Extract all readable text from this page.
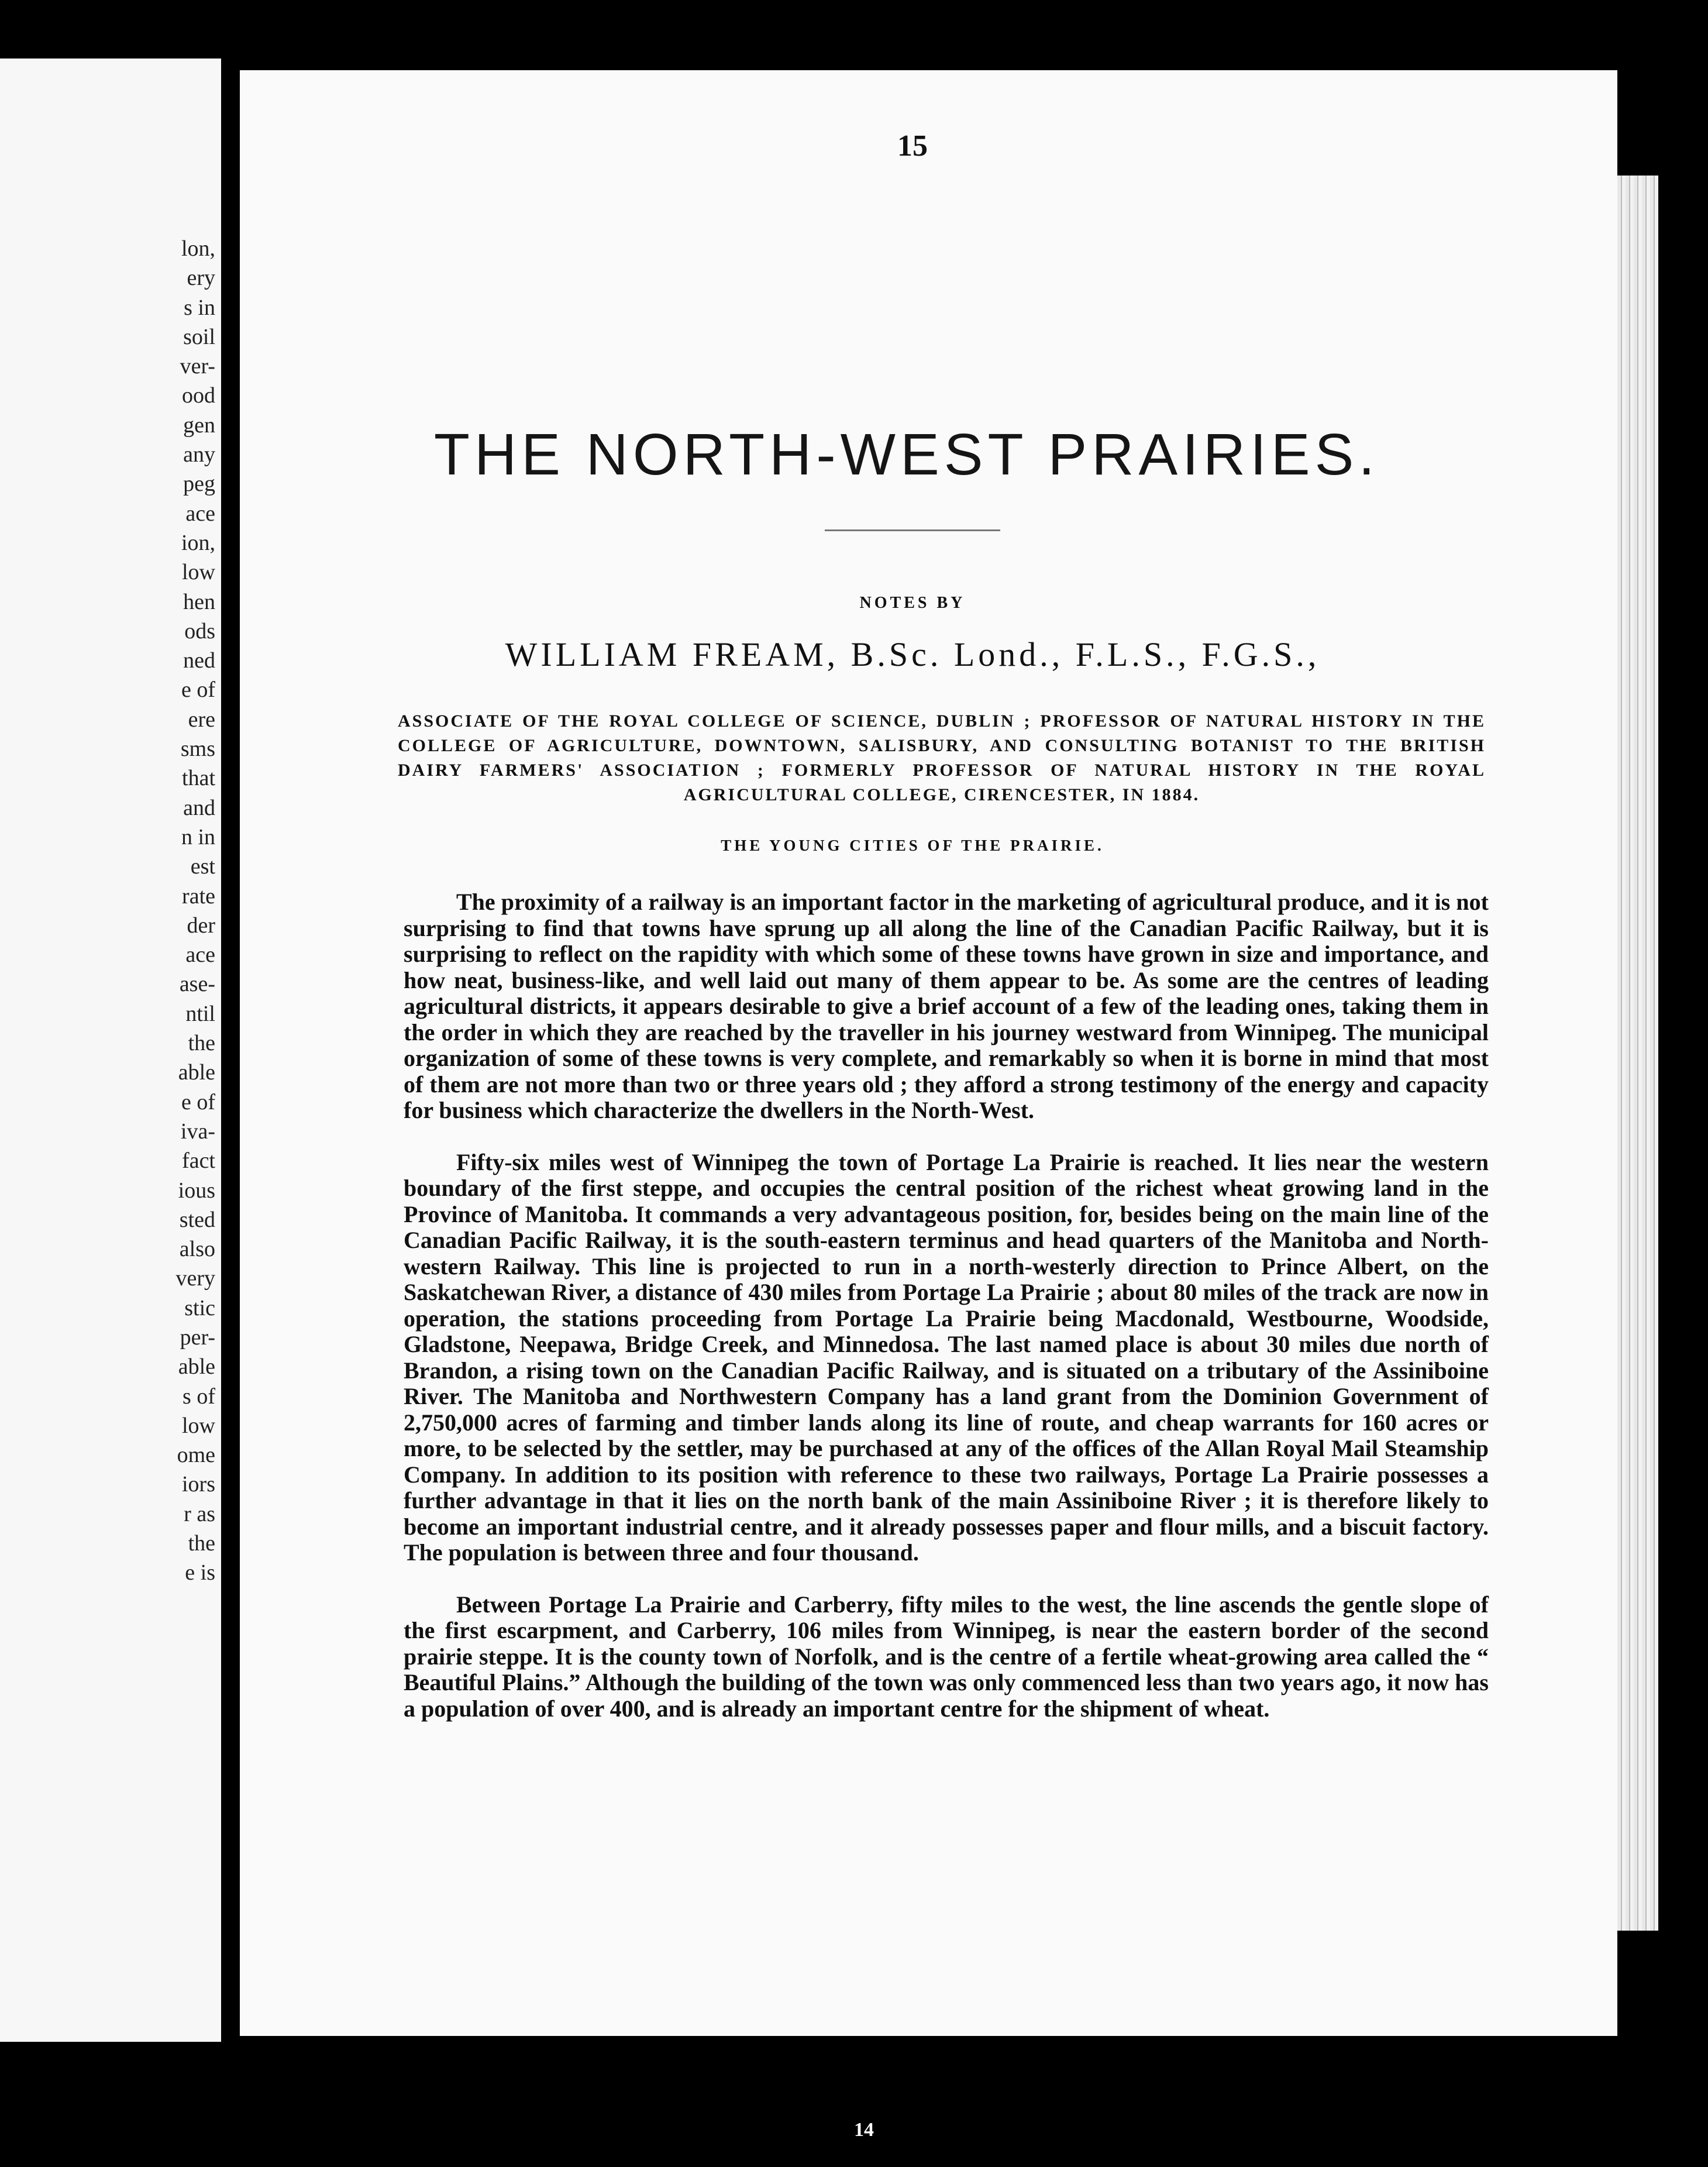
lon,
ery
s in
soil
ver-
ood
gen
any
peg
ace
ion,
low
hen
ods
ned
e of
ere
sms
that
and
n in
est
rate
der
ace
ase-
ntil
the
able
e of
iva-
fact
ious
sted
also
very
stic
per-
able
s of
low
ome
iors
r as
the
e is
15
THE NORTH-WEST PRAIRIES.
NOTES BY
WILLIAM FREAM, B.Sc. Lond., F.L.S., F.G.S.,
ASSOCIATE OF THE ROYAL COLLEGE OF SCIENCE, DUBLIN ; PROFESSOR OF NATURAL HISTORY IN THE COLLEGE OF AGRICULTURE, DOWNTOWN, SALISBURY, AND CONSULTING BOTANIST TO THE BRITISH DAIRY FARMERS' ASSOCIATION ; FORMERLY PROFESSOR OF NATURAL HISTORY IN THE ROYAL AGRICULTURAL COLLEGE, CIRENCESTER, IN 1884.
THE YOUNG CITIES OF THE PRAIRIE.

The proximity of a railway is an important factor in the marketing of agricultural produce, and it is not surprising to find that towns have sprung up all along the line of the Canadian Pacific Railway, but it is surprising to reflect on the rapidity with which some of these towns have grown in size and importance, and how neat, business-like, and well laid out many of them appear to be. As some are the centres of leading agricultural districts, it appears desirable to give a brief account of a few of the leading ones, taking them in the order in which they are reached by the traveller in his journey westward from Winnipeg. The municipal organization of some of these towns is very complete, and remarkably so when it is borne in mind that most of them are not more than two or three years old ; they afford a strong testimony of the energy and capacity for business which characterize the dwellers in the North-West.

Fifty-six miles west of Winnipeg the town of Portage La Prairie is reached. It lies near the western boundary of the first steppe, and occupies the central position of the richest wheat growing land in the Province of Manitoba. It commands a very advantageous position, for, besides being on the main line of the Canadian Pacific Railway, it is the south-eastern terminus and head quarters of the Manitoba and North-western Railway. This line is projected to run in a north-westerly direction to Prince Albert, on the Saskatchewan River, a distance of 430 miles from Portage La Prairie ; about 80 miles of the track are now in operation, the stations proceeding from Portage La Prairie being Macdonald, Westbourne, Woodside, Gladstone, Neepawa, Bridge Creek, and Minnedosa. The last named place is about 30 miles due north of Brandon, a rising town on the Canadian Pacific Railway, and is situated on a tributary of the Assiniboine River. The Manitoba and Northwestern Company has a land grant from the Dominion Government of 2,750,000 acres of farming and timber lands along its line of route, and cheap warrants for 160 acres or more, to be selected by the settler, may be purchased at any of the offices of the Allan Royal Mail Steamship Company. In addition to its position with reference to these two railways, Portage La Prairie possesses a further advantage in that it lies on the north bank of the main Assiniboine River ; it is therefore likely to become an important industrial centre, and it already possesses paper and flour mills, and a biscuit factory. The population is between three and four thousand.

Between Portage La Prairie and Carberry, fifty miles to the west, the line ascends the gentle slope of the first escarpment, and Carberry, 106 miles from Winnipeg, is near the eastern border of the second prairie steppe. It is the county town of Norfolk, and is the centre of a fertile wheat-growing area called the “ Beautiful Plains.” Although the building of the town was only commenced less than two years ago, it now has a population of over 400, and is already an important centre for the shipment of wheat.

14
